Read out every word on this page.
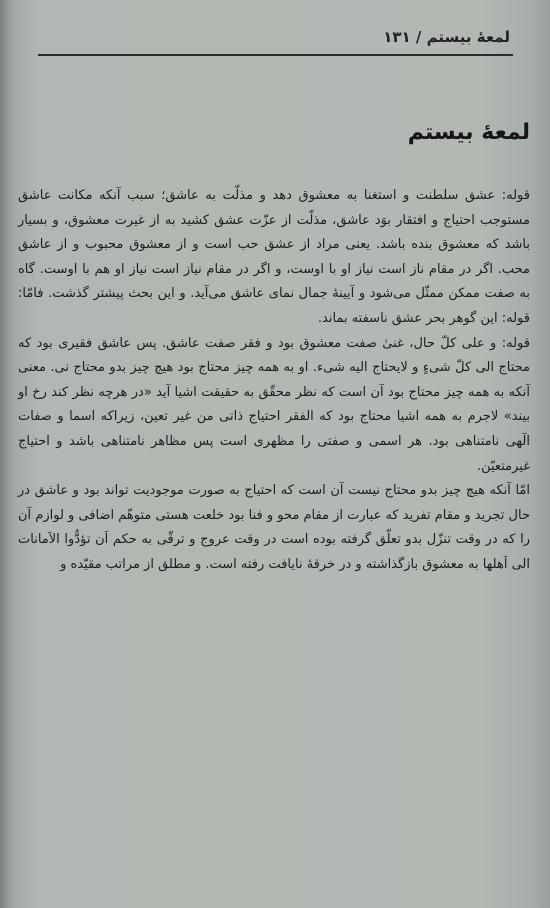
لمعهٔ بیستم / ۱۳۱
لمعهٔ بیستم

قوله: عشق سلطنت و استغنا به معشوق دهد و مذلّت به عاشق؛ سبب آنکه مکانت عاشق مستوجب احتیاج و افتقار بوَد عاشق، مذلّت از عزّت عشق کشید به از غیرت معشوق، و بسیار باشد که معشوق بنده باشد. یعنی مراد از عشق حب است و از معشوق محبوب و از عاشق محب. اگر در مقام ناز است نیاز او با اوست، و اگر در مقام نیاز است نیاز او هم با اوست. گاه به صفت ممکن ممثّل می‌شود و آیینهٔ جمال نمای عاشق می‌آید. و این بحث پیشتر گذشت. فامّا: قوله: این گوهر بحر عشق ناسفته بماند.

قوله: و علی کلّ حال، غنیٰ صفت معشوق بود و فقر صفت عاشق. پس عاشق فقیری بود که محتاج الی کلّ شیءٍ و لایحتاج الیه شیء. او به همه چیز محتاج بود هیچ چیز بدو محتاج نی. معنی آنکه به همه چیز محتاج بود آن است که نظر محقّق به حقیقت اشیا آید «در هرچه نظر کند رخ او بیند» لاجرم به همه اشیا محتاج بود که الفقر احتیاج ذاتی من غیر تعین، زیراکه اسما و صفات الٓهی نامتناهی بود. هر اسمی و صفتی را مظهری است پس مظاهر نامتناهی باشد و احتیاج غیرمتعیّن.

امّا آنکه هیچ چیز بدو محتاج نیست آن است که احتیاج به صورت موجودیت تواند بود و عاشق در حال تجرید و مقام تفرید که عبارت از مقام محو و فنا بود خلعت هستی متوهّم اضافی و لوازم آن را که در وقت تنزّل بدو تعلّق گرفته بوده است در وقت عروج و ترقّی به حکم اَن تؤدُّوا الاَمانات الی اَهلها به معشوق بازگذاشته و در خرقهٔ نایافت رفته است. و مطلق از مراتب مقیّده و
